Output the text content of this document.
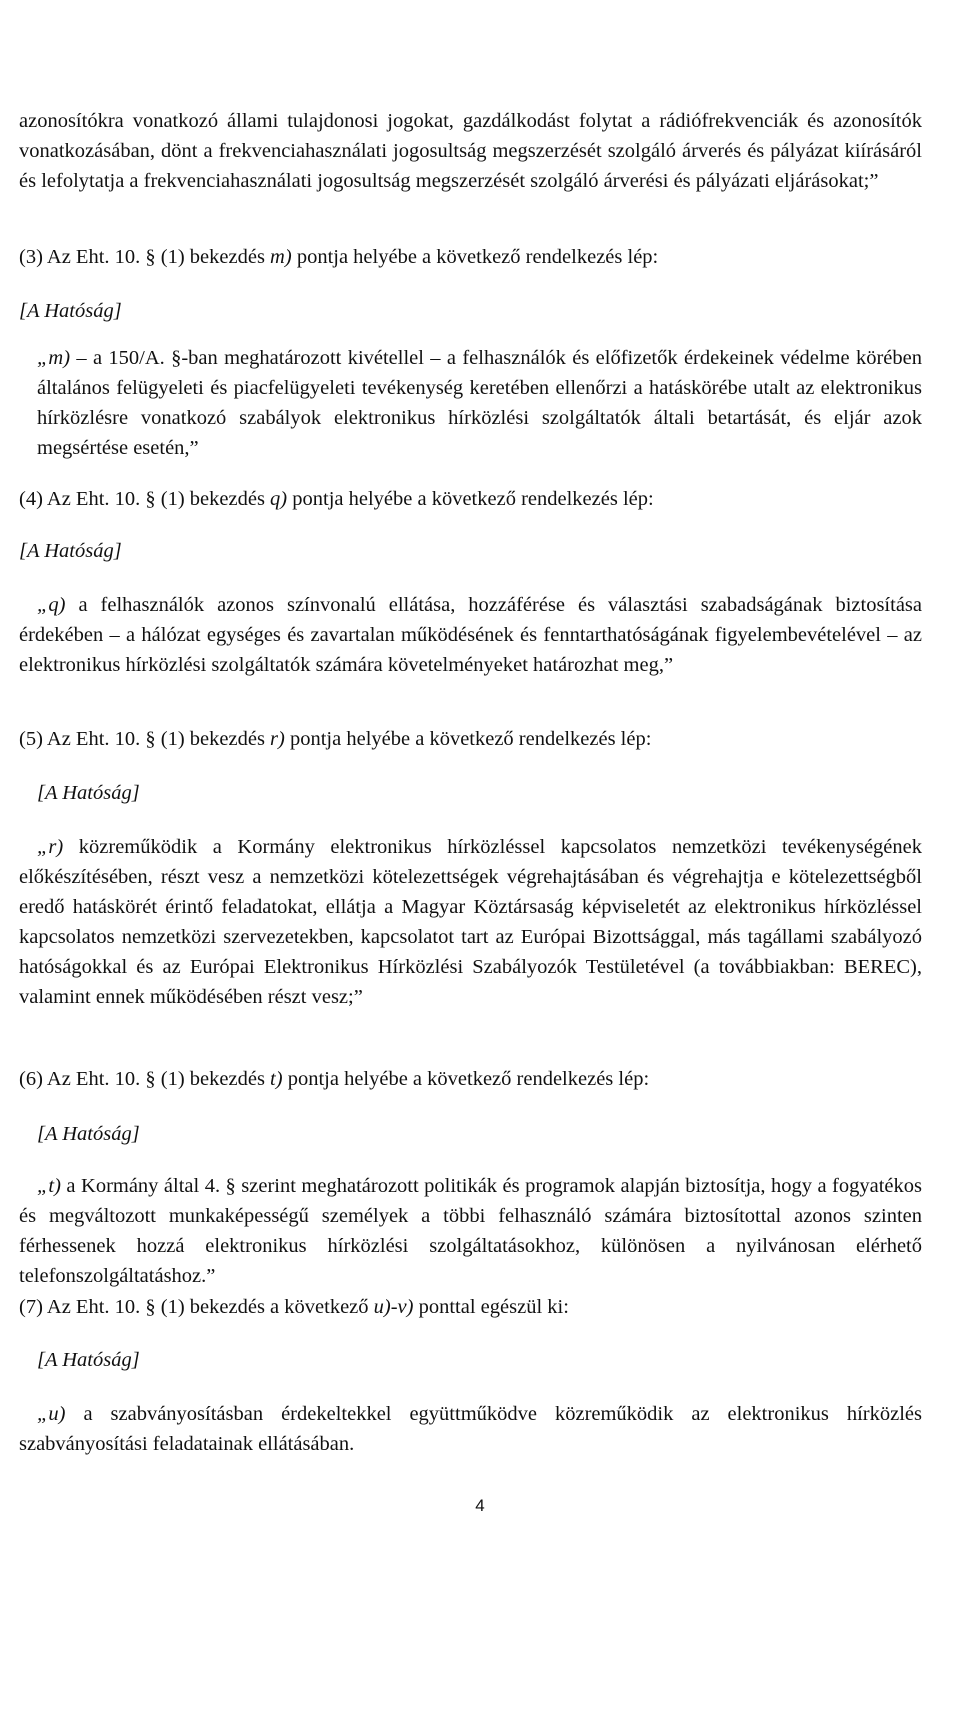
azonosítókra vonatkozó állami tulajdonosi jogokat, gazdálkodást folytat a rádiófrekvenciák és azonosítók vonatkozásában, dönt a frekvenciahasználati jogosultság megszerzését szolgáló árverés és pályázat kiírásáról és lefolytatja a frekvenciahasználati jogosultság megszerzését szolgáló árverési és pályázati eljárásokat;”

(3) Az Eht. 10. § (1) bekezdés m) pontja helyébe a következő rendelkezés lép:

[A Hatóság]

„m) – a 150/A. §-ban meghatározott kivétellel – a felhasználók és előfizetők érdekeinek védelme körében általános felügyeleti és piacfelügyeleti tevékenység keretében ellenőrzi a hatáskörébe utalt az elektronikus hírközlésre vonatkozó szabályok elektronikus hírközlési szolgáltatók általi betartását, és eljár azok megsértése esetén,”

(4) Az Eht. 10. § (1) bekezdés q) pontja helyébe a következő rendelkezés lép:

[A Hatóság]

„q) a felhasználók azonos színvonalú ellátása, hozzáférése és választási szabadságának biztosítása érdekében – a hálózat egységes és zavartalan működésének és fenntarthatóságának figyelembevételével – az elektronikus hírközlési szolgáltatók számára követelményeket határozhat meg,”

(5) Az Eht. 10. § (1) bekezdés r) pontja helyébe a következő rendelkezés lép:

[A Hatóság]

„r) közreműködik a Kormány elektronikus hírközléssel kapcsolatos nemzetközi tevékenységének előkészítésében, részt vesz a nemzetközi kötelezettségek végrehajtásában és végrehajtja e kötelezettségből eredő hatáskörét érintő feladatokat, ellátja a Magyar Köztársaság képviseletét az elektronikus hírközléssel kapcsolatos nemzetközi szervezetekben, kapcsolatot tart az Európai Bizottsággal, más tagállami szabályozó hatóságokkal és az Európai Elektronikus Hírközlési Szabályozók Testületével (a továbbiakban: BEREC), valamint ennek működésében részt vesz;”

(6) Az Eht. 10. § (1) bekezdés t) pontja helyébe a következő rendelkezés lép:

[A Hatóság]

„t) a Kormány által 4. § szerint meghatározott politikák és programok alapján biztosítja, hogy a fogyatékos és megváltozott munkaképességű személyek a többi felhasználó számára biztosítottal azonos szinten férhessenek hozzá elektronikus hírközlési szolgáltatásokhoz, különösen a nyilvánosan elérhető telefonszolgáltatáshoz.”

(7) Az Eht. 10. § (1) bekezdés a következő u)-v) ponttal egészül ki:

[A Hatóság]

„u) a szabványosításban érdekeltekkel együttműködve közreműködik az elektronikus hírközlés szabványosítási feladatainak ellátásában.

4
